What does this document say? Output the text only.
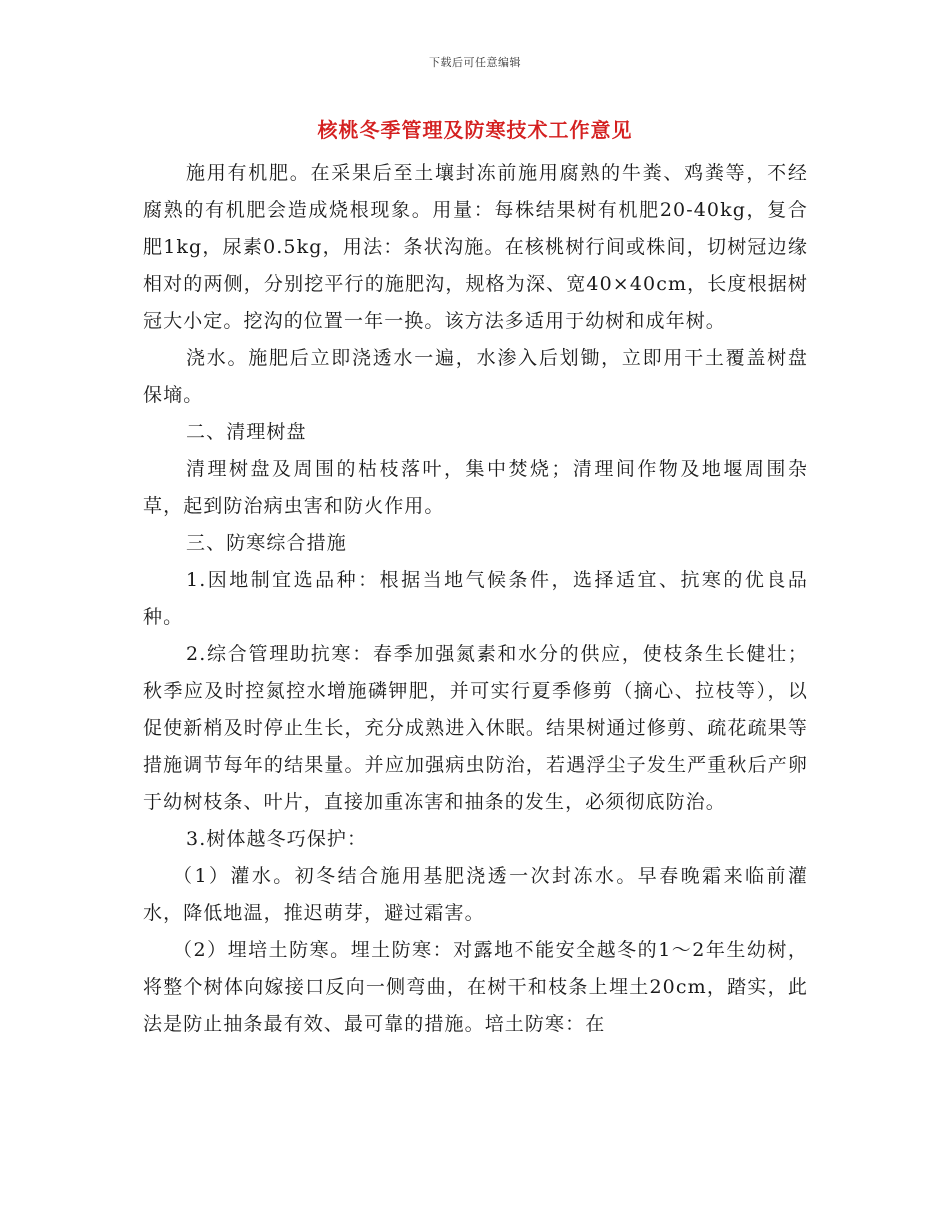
下载后可任意编辑
核桃冬季管理及防寒技术工作意见

施用有机肥。在采果后至土壤封冻前施用腐熟的牛粪、鸡粪等，不经腐熟的有机肥会造成烧根现象。用量：每株结果树有机肥20-40kg，复合肥1kg，尿素0.5kg，用法：条状沟施。在核桃树行间或株间，切树冠边缘相对的两侧，分别挖平行的施肥沟，规格为深、宽40×40cm，长度根据树冠大小定。挖沟的位置一年一换。该方法多适用于幼树和成年树。

浇水。施肥后立即浇透水一遍，水渗入后划锄，立即用干土覆盖树盘保墒。

二、清理树盘

清理树盘及周围的枯枝落叶，集中焚烧；清理间作物及地堰周围杂草，起到防治病虫害和防火作用。

三、防寒综合措施

1.因地制宜选品种：根据当地气候条件，选择适宜、抗寒的优良品种。

2.综合管理助抗寒：春季加强氮素和水分的供应，使枝条生长健壮；秋季应及时控氮控水增施磷钾肥，并可实行夏季修剪（摘心、拉枝等），以促使新梢及时停止生长，充分成熟进入休眠。结果树通过修剪、疏花疏果等措施调节每年的结果量。并应加强病虫防治，若遇浮尘子发生严重秋后产卵于幼树枝条、叶片，直接加重冻害和抽条的发生，必须彻底防治。

3.树体越冬巧保护：

（1）灌水。初冬结合施用基肥浇透一次封冻水。早春晚霜来临前灌水，降低地温，推迟萌芽，避过霜害。

（2）埋培土防寒。埋土防寒：对露地不能安全越冬的1～2年生幼树，将整个树体向嫁接口反向一侧弯曲，在树干和枝条上埋土20cm，踏实，此法是防止抽条最有效、最可靠的措施。培土防寒：在
